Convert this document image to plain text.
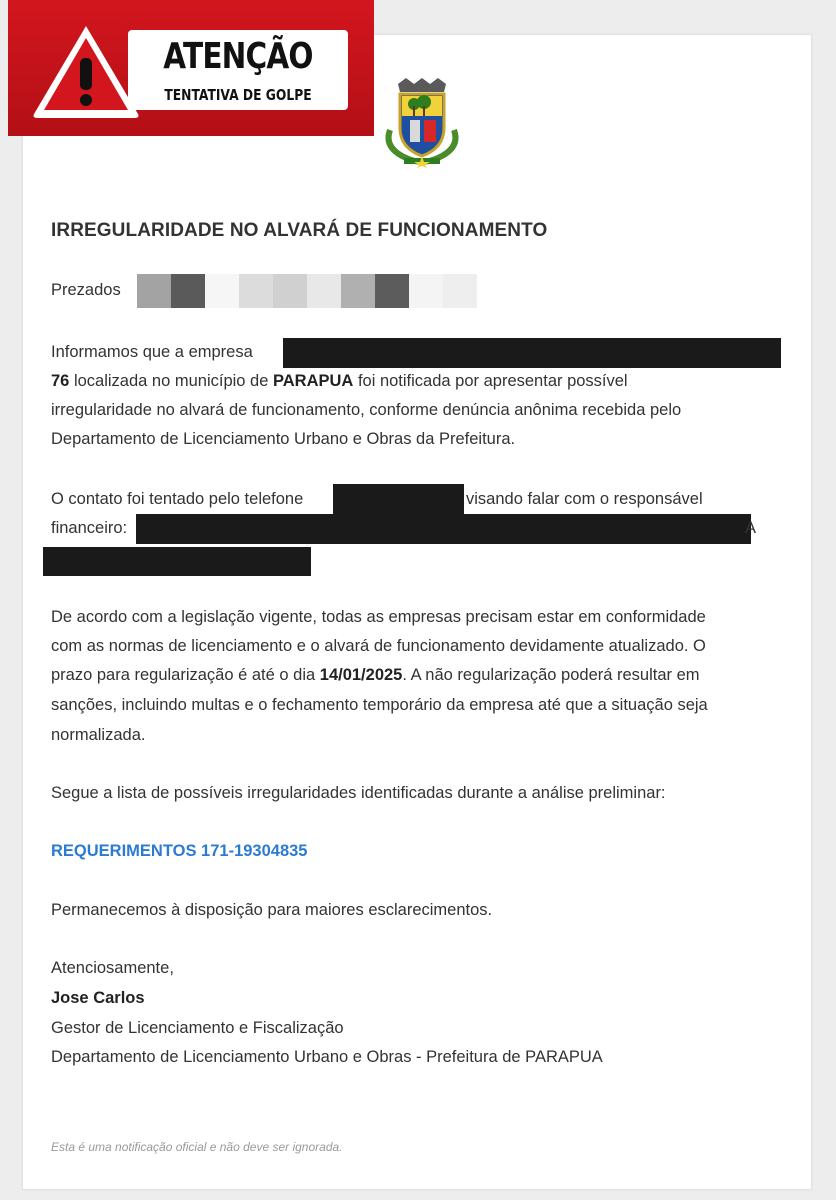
ATENÇÃO
TENTATIVA DE GOLPE
IRREGULARIDADE NO ALVARÁ DE FUNCIONAMENTO
Prezados
Informamos que a empresa
76 localizada no município de PARAPUA foi notificada por apresentar possível
irregularidade no alvará de funcionamento, conforme denúncia anônima recebida pelo
Departamento de Licenciamento Urbano e Obras da Prefeitura.
O contato foi tentado pelo telefone	visando falar com o responsável
financeiro:	A
De acordo com a legislação vigente, todas as empresas precisam estar em conformidade
com as normas de licenciamento e o alvará de funcionamento devidamente atualizado. O
prazo para regularização é até o dia 14/01/2025. A não regularização poderá resultar em
sanções, incluindo multas e o fechamento temporário da empresa até que a situação seja
normalizada.
Segue a lista de possíveis irregularidades identificadas durante a análise preliminar:
REQUERIMENTOS 171-19304835
Permanecemos à disposição para maiores esclarecimentos.
Atenciosamente,
Jose Carlos
Gestor de Licenciamento e Fiscalização
Departamento de Licenciamento Urbano e Obras - Prefeitura de PARAPUA
Esta é uma notificação oficial e não deve ser ignorada.
